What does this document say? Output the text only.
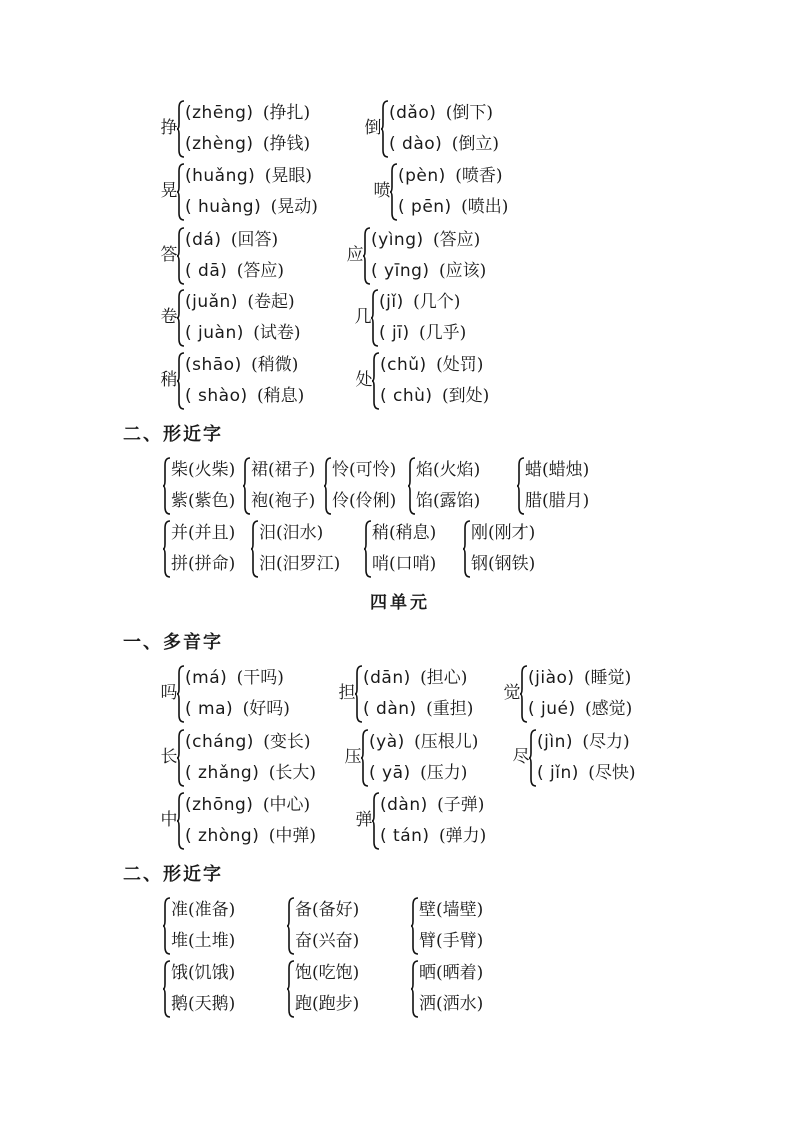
挣
(zhēng) (挣扎)
(zhèng) (挣钱)
倒
(dǎo) (倒下)
( dào) (倒立)
晃
(huǎng) (晃眼)
( huàng) (晃动)
喷
(pèn) (喷香)
( pēn) (喷出)
答
(dá) (回答)
( dā) (答应)
应
(yìng) (答应)
( yīng) (应该)
卷
(juǎn) (卷起)
( juàn) (试卷)
几
(jǐ) (几个)
( jī) (几乎)
稍
(shāo) (稍微)
( shào) (稍息)
处
(chǔ) (处罚)
( chù) (到处)
二、形近字
柴(火柴)
紫(紫色)
裙(裙子)
袍(袍子)
怜(可怜)
伶(伶俐)
焰(火焰)
馅(露馅)
蜡(蜡烛)
腊(腊月)
并(并且)
拼(拼命)
汨(汨水)
汨(汨罗江)
稍(稍息)
哨(口哨)
刚(刚才)
钢(钢铁)
四单元
一、多音字
吗
(má) (干吗)
( ma) (好吗)
担
(dān) (担心)
( dàn) (重担)
觉
(jiào) (睡觉)
( jué) (感觉)
长
(cháng) (变长)
( zhǎng) (长大)
压
(yà) (压根儿)
( yā) (压力)
尽
(jìn) (尽力)
( jǐn) (尽快)
中
(zhōng) (中心)
( zhòng) (中弹)
弹
(dàn) (子弹)
( tán) (弹力)
二、形近字
准(准备)
堆(土堆)
备(备好)
奋(兴奋)
壁(墙壁)
臂(手臂)
饿(饥饿)
鹅(天鹅)
饱(吃饱)
跑(跑步)
晒(晒着)
洒(洒水)
